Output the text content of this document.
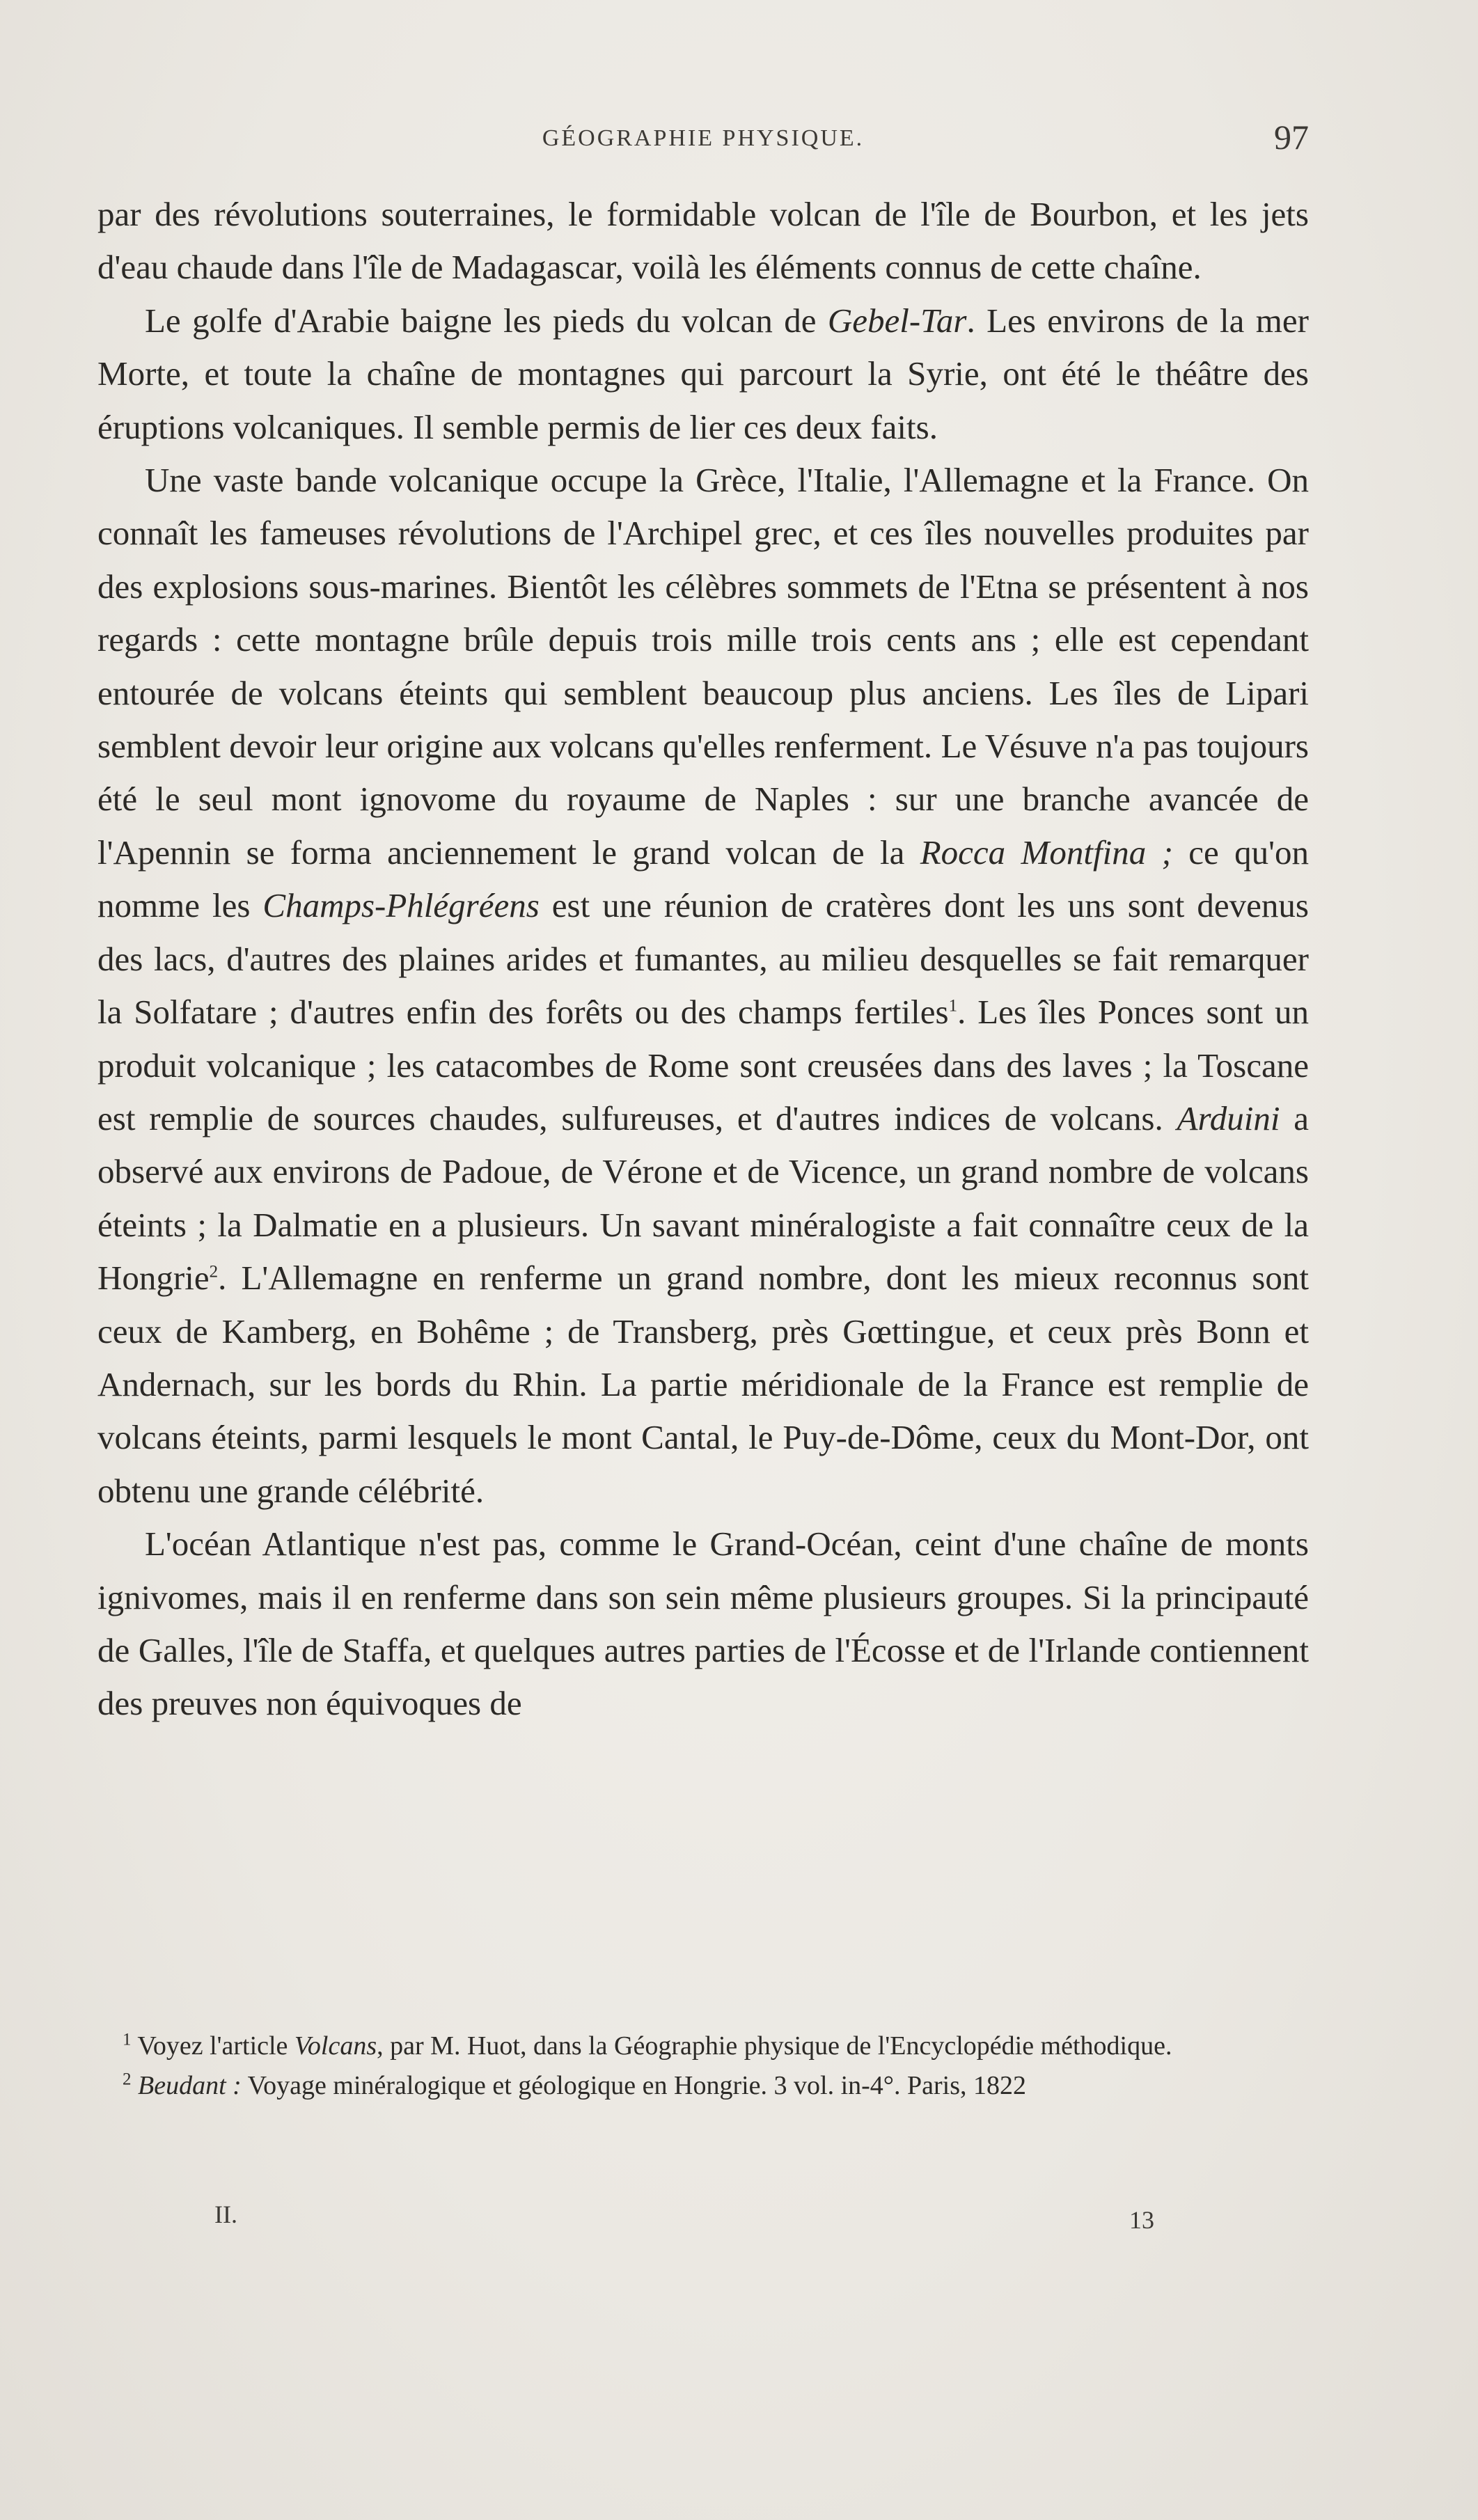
GÉOGRAPHIE PHYSIQUE.	97

par des révolutions souterraines, le formidable volcan de l'île de Bourbon, et les jets d'eau chaude dans l'île de Madagascar, voilà les éléments connus de cette chaîne.

Le golfe d'Arabie baigne les pieds du volcan de Gebel-Tar. Les environs de la mer Morte, et toute la chaîne de montagnes qui parcourt la Syrie, ont été le théâtre des éruptions volcaniques. Il semble permis de lier ces deux faits.

Une vaste bande volcanique occupe la Grèce, l'Italie, l'Allemagne et la France. On connaît les fameuses révolutions de l'Archipel grec, et ces îles nouvelles produites par des explosions sous-marines. Bientôt les célèbres sommets de l'Etna se présentent à nos regards : cette montagne brûle depuis trois mille trois cents ans ; elle est cependant entourée de volcans éteints qui semblent beaucoup plus anciens. Les îles de Lipari semblent devoir leur origine aux volcans qu'elles renferment. Le Vésuve n'a pas toujours été le seul mont ignovome du royaume de Naples : sur une branche avancée de l'Apennin se forma anciennement le grand volcan de la Rocca Montfina ; ce qu'on nomme les Champs-Phlégréens est une réunion de cratères dont les uns sont devenus des lacs, d'autres des plaines arides et fumantes, au milieu desquelles se fait remarquer la Solfatare ; d'autres enfin des forêts ou des champs fertiles$^1$. Les îles Ponces sont un produit volcanique ; les catacombes de Rome sont creusées dans des laves ; la Toscane est remplie de sources chaudes, sulfureuses, et d'autres indices de volcans. Arduini a observé aux environs de Padoue, de Vérone et de Vicence, un grand nombre de volcans éteints ; la Dalmatie en a plusieurs. Un savant minéralogiste a fait connaître ceux de la Hongrie$^2$. L'Allemagne en renferme un grand nombre, dont les mieux reconnus sont ceux de Kamberg, en Bohême ; de Transberg, près Gœttingue, et ceux près Bonn et Andernach, sur les bords du Rhin. La partie méridionale de la France est remplie de volcans éteints, parmi lesquels le mont Cantal, le Puy-de-Dôme, ceux du Mont-Dor, ont obtenu une grande célébrité.

L'océan Atlantique n'est pas, comme le Grand-Océan, ceint d'une chaîne de monts ignivomes, mais il en renferme dans son sein même plusieurs groupes. Si la principauté de Galles, l'île de Staffa, et quelques autres parties de l'Écosse et de l'Irlande contiennent des preuves non équivoques de

$^1$ Voyez l'article Volcans, par M. Huot, dans la Géographie physique de l'Encyclopédie méthodique.

$^2$ Beudant : Voyage minéralogique et géologique en Hongrie. 3 vol. in-4°. Paris, 1822

II.	13
